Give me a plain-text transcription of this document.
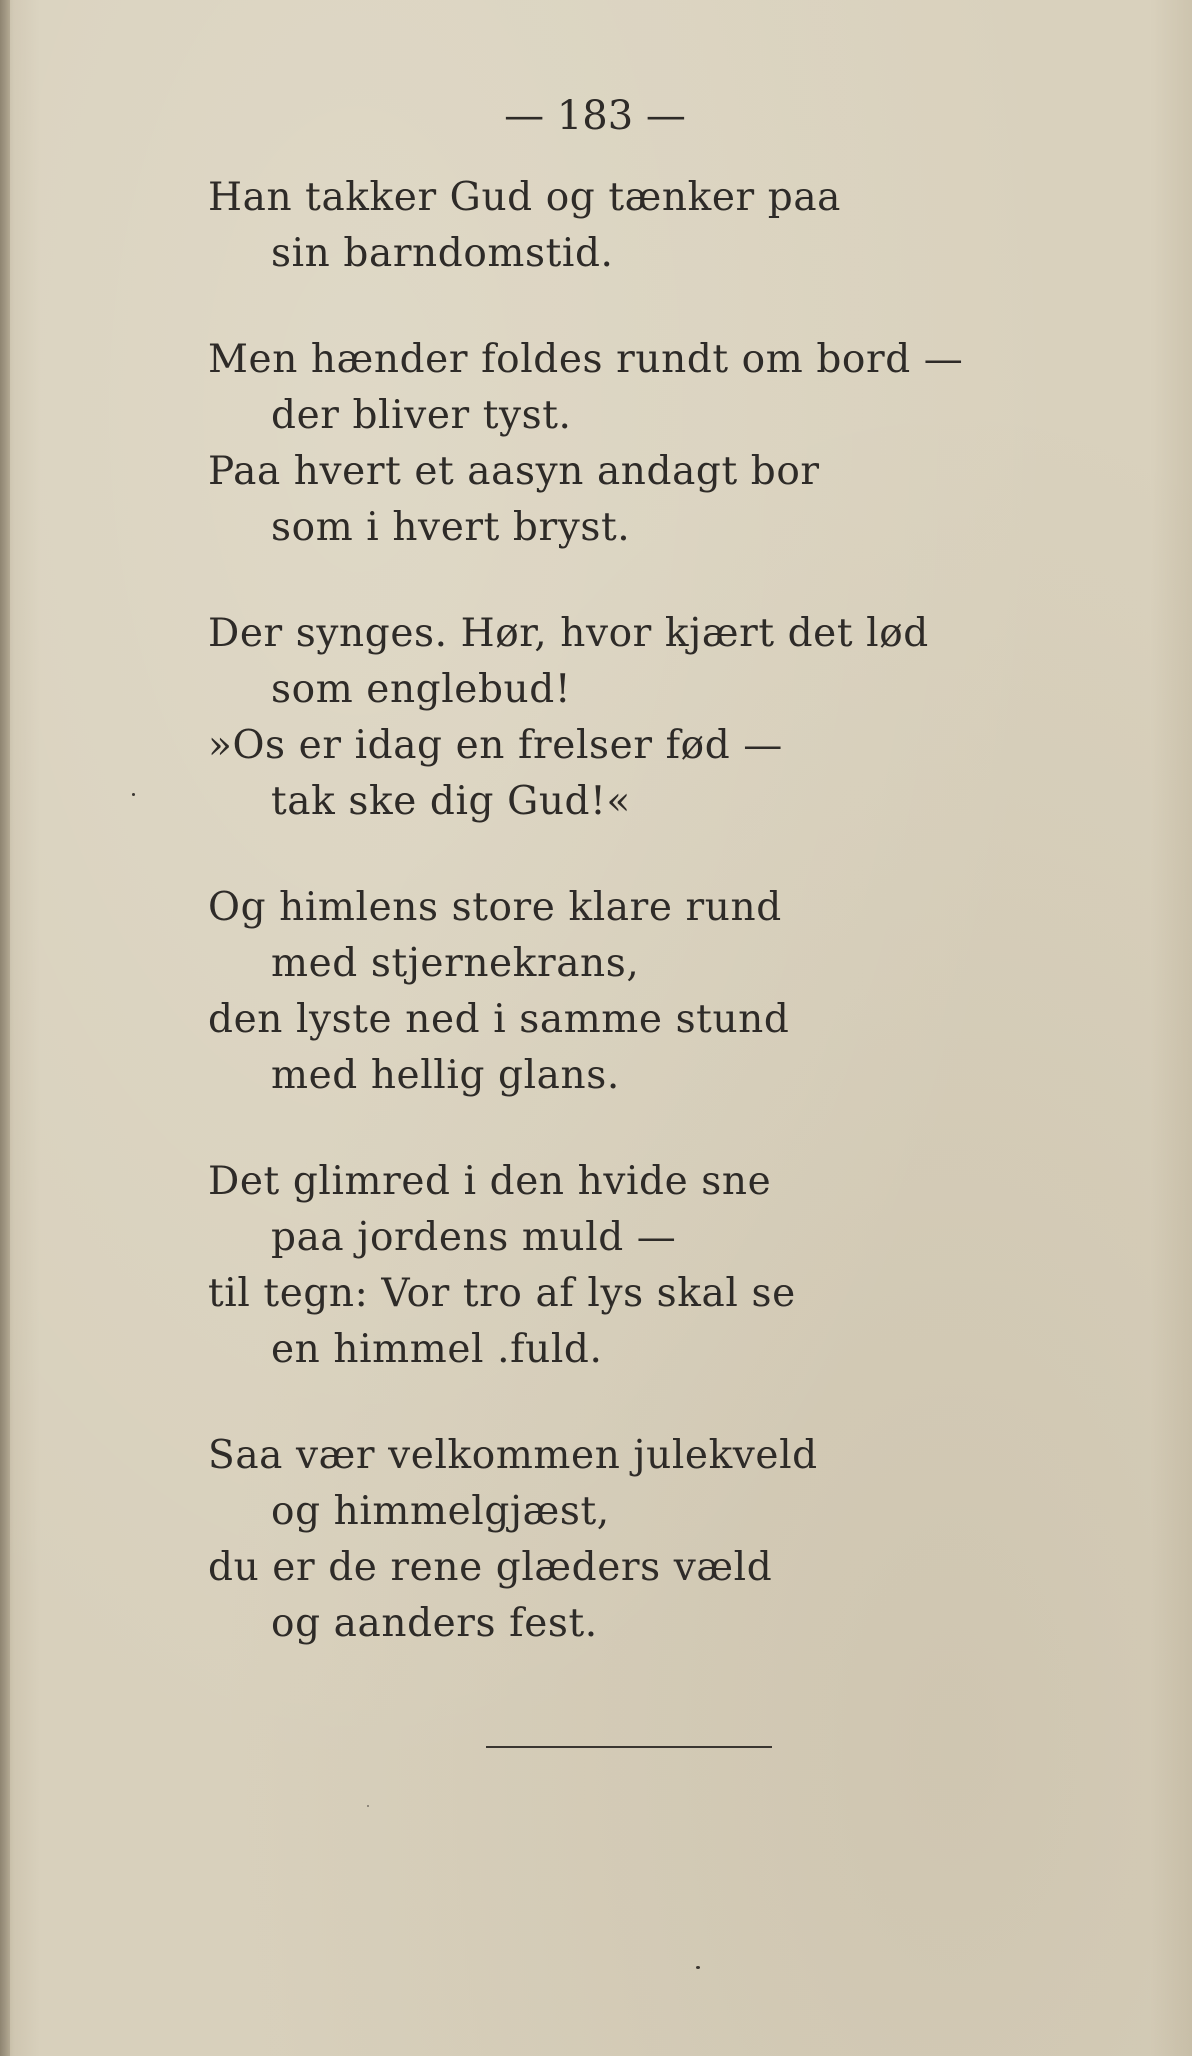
— 183 —
Han takker Gud og tænker paa
sin barndomstid.
Men hænder foldes rundt om bord —
der bliver tyst.
Paa hvert et aasyn andagt bor
som i hvert bryst.
Der synges. Hør, hvor kjært det lød
som englebud!
»Os er idag en frelser fød —
tak ske dig Gud!«
Og himlens store klare rund
med stjernekrans,
den lyste ned i samme stund
med hellig glans.
Det glimred i den hvide sne
paa jordens muld —
til tegn: Vor tro af lys skal se
en himmel .fuld.
Saa vær velkommen julekveld
og himmelgjæst,
du er de rene glæders væld
og aanders fest.
